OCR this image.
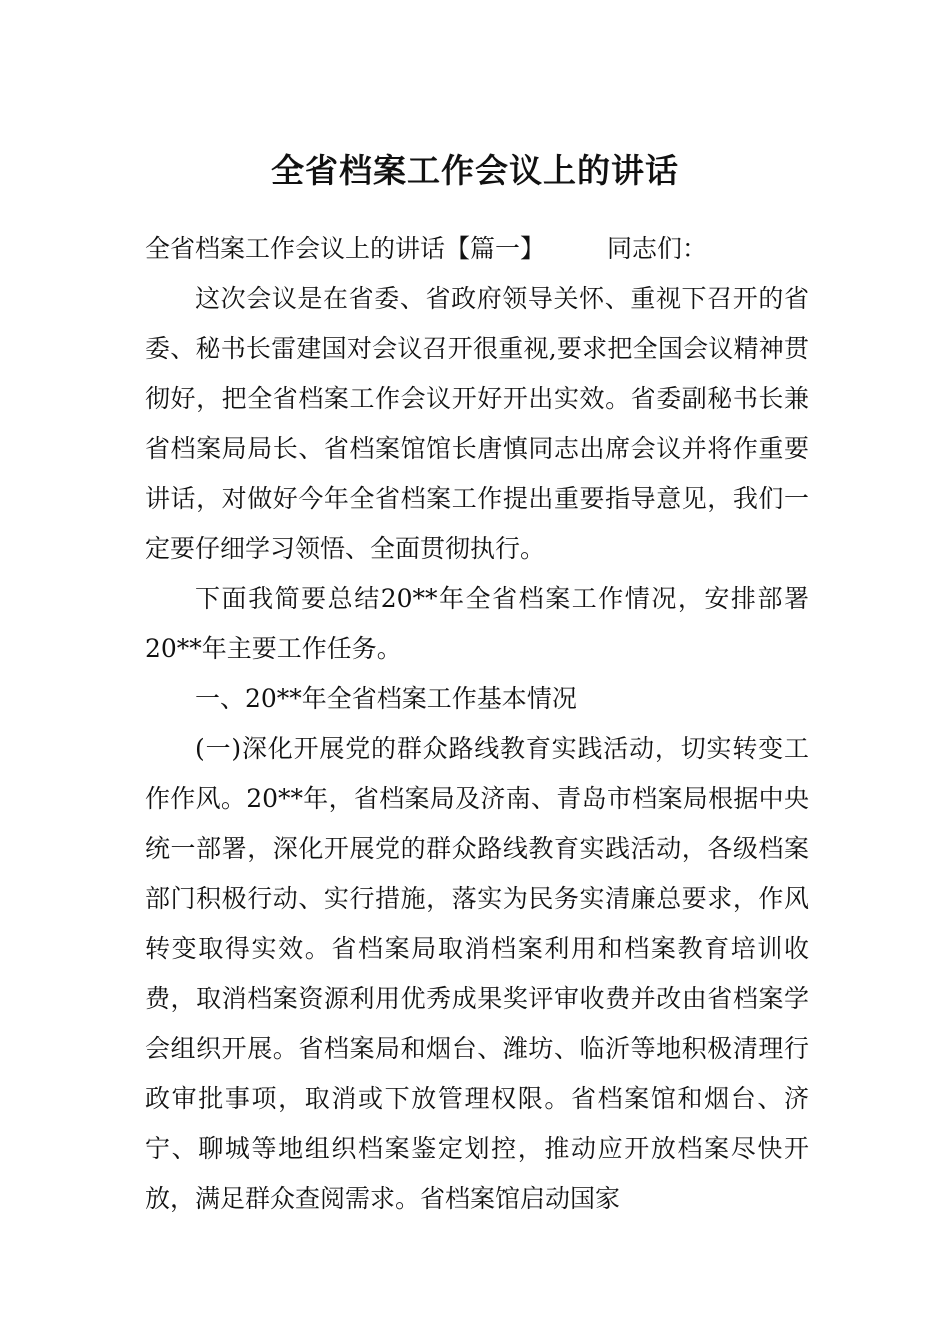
全省档案工作会议上的讲话

全省档案工作会议上的讲话【篇一】 同志们：

这次会议是在省委、省政府领导关怀、重视下召开的省委、秘书长雷建国对会议召开很重视,要求把全国会议精神贯彻好，把全省档案工作会议开好开出实效。省委副秘书长兼省档案局局长、省档案馆馆长唐慎同志出席会议并将作重要讲话，对做好今年全省档案工作提出重要指导意见，我们一定要仔细学习领悟、全面贯彻执行。

下面我简要总结20**年全省档案工作情况，安排部署20**年主要工作任务。

一、20**年全省档案工作基本情况

(一)深化开展党的群众路线教育实践活动，切实转变工作作风。20**年，省档案局及济南、青岛市档案局根据中央统一部署，深化开展党的群众路线教育实践活动，各级档案部门积极行动、实行措施，落实为民务实清廉总要求，作风转变取得实效。省档案局取消档案利用和档案教育培训收费，取消档案资源利用优秀成果奖评审收费并改由省档案学会组织开展。省档案局和烟台、潍坊、临沂等地积极清理行政审批事项，取消或下放管理权限。省档案馆和烟台、济宁、聊城等地组织档案鉴定划控，推动应开放档案尽快开放，满足群众查阅需求。省档案馆启动国家
